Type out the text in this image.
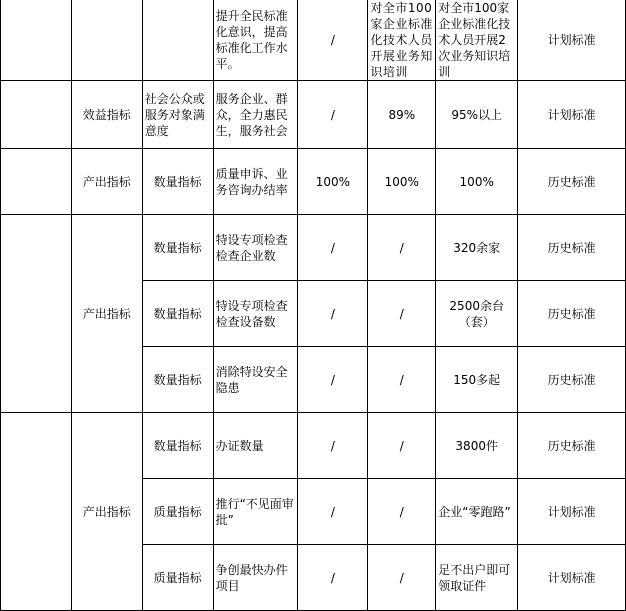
			提升全民标准化意识，提高标准化工作水平。	/	对全市100家企业标准化技术人员开展业务知识培训	对全市100家企业标准化技术人员开展2次业务知识培训	计划标准
	效益指标	社会公众或服务对象满意度	服务企业、群众，全力惠民生，服务社会	/	89%	95%以上	计划标准
	产出指标	数量指标	质量申诉、业务咨询办结率	100%	100%	100%	历史标准
	产出指标	数量指标	特设专项检查检查企业数	/	/	320余家	历史标准
		数量指标	特设专项检查检查设备数	/	/	2500余台（套）	历史标准
		数量指标	消除特设安全隐患	/	/	150多起	历史标准
	产出指标	数量指标	办证数量	/	/	3800件	历史标准
		质量指标	推行“不见面审批”	/	/	企业“零跑路”	计划标准
		质量指标	争创最快办件项目	/	/	足不出户即可领取证件	计划标准
